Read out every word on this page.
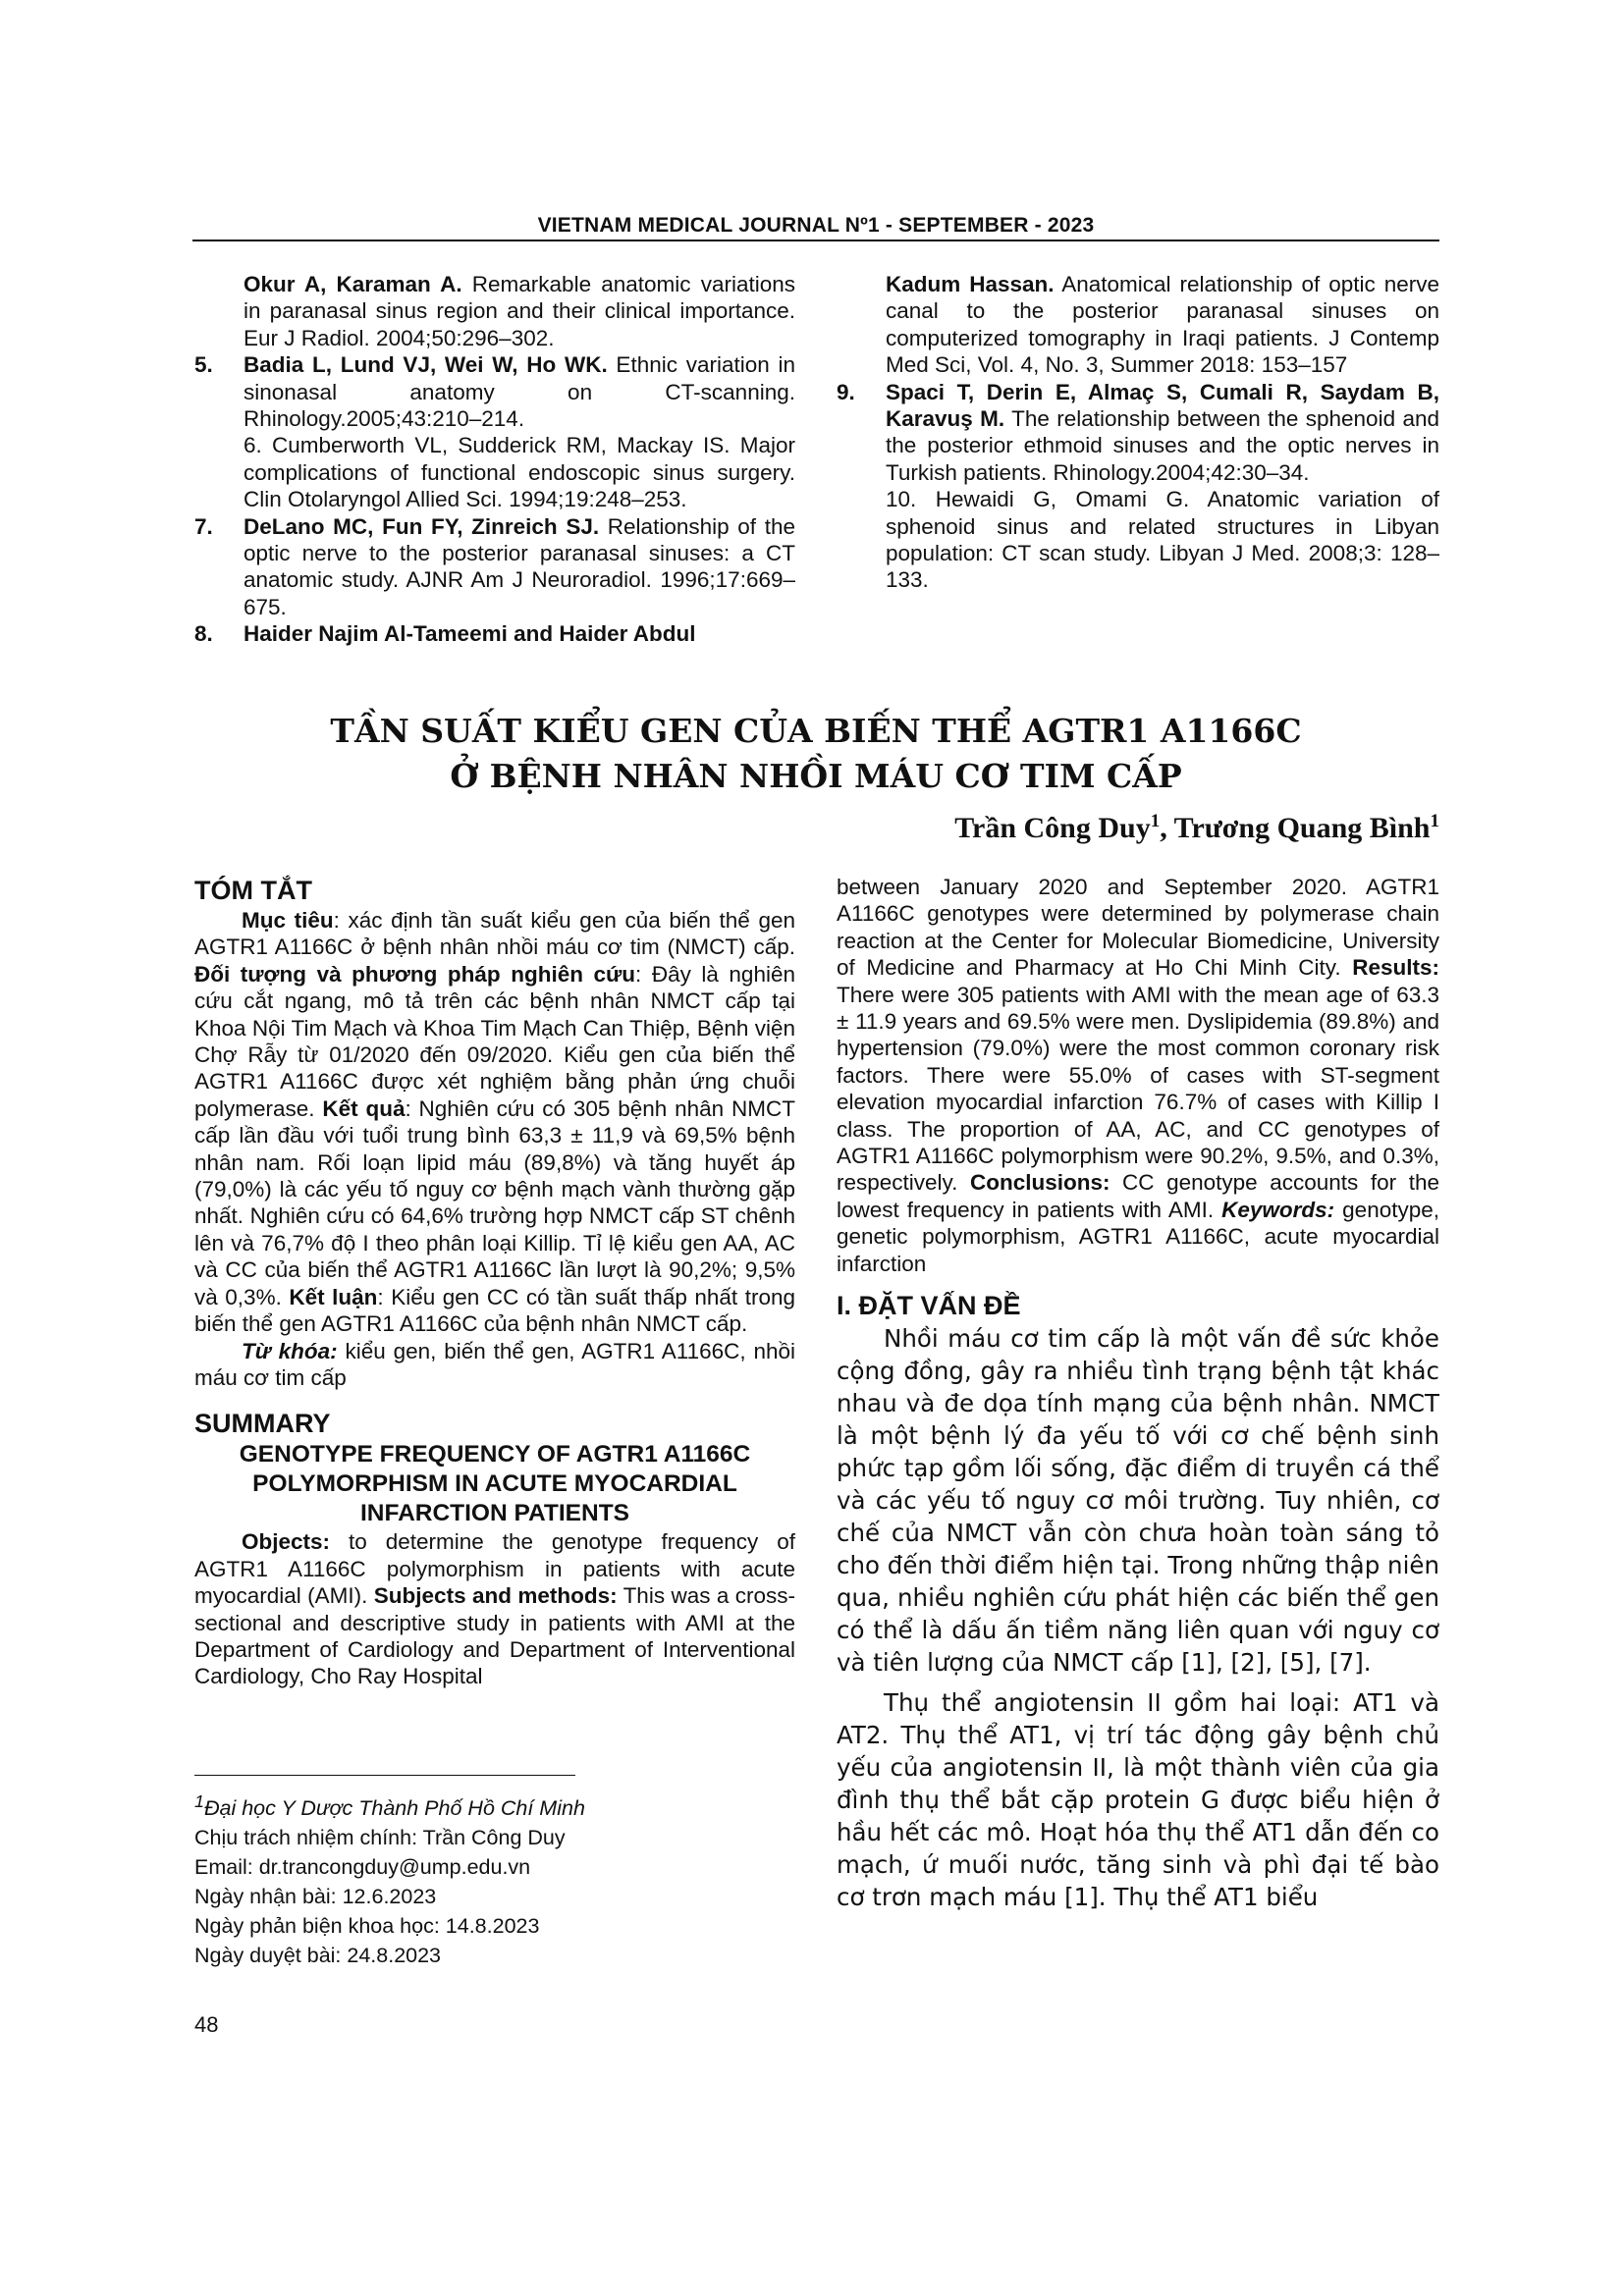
VIETNAM MEDICAL JOURNAL Nº1 - SEPTEMBER - 2023
Okur A, Karaman A. Remarkable anatomic variations in paranasal sinus region and their clinical importance. Eur J Radiol. 2004;50:296–302.
5.	Badia L, Lund VJ, Wei W, Ho WK. Ethnic variation in sinonasal anatomy on CT-scanning. Rhinology.2005;43:210–214.
6. Cumberworth VL, Sudderick RM, Mackay IS. Major complications of functional endoscopic sinus surgery. Clin Otolaryngol Allied Sci. 1994;19:248–253.
7.	DeLano MC, Fun FY, Zinreich SJ. Relationship of the optic nerve to the posterior paranasal sinuses: a CT anatomic study. AJNR Am J Neuroradiol. 1996;17:669–675.
8.	Haider Najim Al-Tameemi and Haider Abdul
Kadum Hassan. Anatomical relationship of optic nerve canal to the posterior paranasal sinuses on computerized tomography in Iraqi patients. J Contemp Med Sci, Vol. 4, No. 3, Summer 2018: 153–157
9.	Spaci T, Derin E, Almaç S, Cumali R, Saydam B, Karavuş M. The relationship between the sphenoid and the posterior ethmoid sinuses and the optic nerves in Turkish patients. Rhinology.2004;42:30–34.
10. Hewaidi G, Omami G. Anatomic variation of sphenoid sinus and related structures in Libyan population: CT scan study. Libyan J Med. 2008;3: 128–133.
TẦN SUẤT KIỂU GEN CỦA BIẾN THỂ AGTR1 A1166C
Ở BỆNH NHÂN NHỒI MÁU CƠ TIM CẤP
Trần Công Duy$^1$, Trương Quang Bình$^1$
TÓM TẮT
Mục tiêu: xác định tần suất kiểu gen của biến thể gen AGTR1 A1166C ở bệnh nhân nhồi máu cơ tim (NMCT) cấp. Đối tượng và phương pháp nghiên cứu: Đây là nghiên cứu cắt ngang, mô tả trên các bệnh nhân NMCT cấp tại Khoa Nội Tim Mạch và Khoa Tim Mạch Can Thiệp, Bệnh viện Chợ Rẫy từ 01/2020 đến 09/2020. Kiểu gen của biến thể AGTR1 A1166C được xét nghiệm bằng phản ứng chuỗi polymerase. Kết quả: Nghiên cứu có 305 bệnh nhân NMCT cấp lần đầu với tuổi trung bình 63,3 ± 11,9 và 69,5% bệnh nhân nam. Rối loạn lipid máu (89,8%) và tăng huyết áp (79,0%) là các yếu tố nguy cơ bệnh mạch vành thường gặp nhất. Nghiên cứu có 64,6% trường hợp NMCT cấp ST chênh lên và 76,7% độ I theo phân loại Killip. Tỉ lệ kiểu gen AA, AC và CC của biến thể AGTR1 A1166C lần lượt là 90,2%; 9,5% và 0,3%. Kết luận: Kiểu gen CC có tần suất thấp nhất trong biến thể gen AGTR1 A1166C của bệnh nhân NMCT cấp.
Từ khóa: kiểu gen, biến thể gen, AGTR1 A1166C, nhồi máu cơ tim cấp
SUMMARY
GENOTYPE FREQUENCY OF AGTR1 A1166C POLYMORPHISM IN ACUTE MYOCARDIAL INFARCTION PATIENTS
Objects: to determine the genotype frequency of AGTR1 A1166C polymorphism in patients with acute myocardial (AMI). Subjects and methods: This was a cross-sectional and descriptive study in patients with AMI at the Department of Cardiology and Department of Interventional Cardiology, Cho Ray Hospital
$^1$Đại học Y Dược Thành Phố Hồ Chí Minh
Chịu trách nhiệm chính: Trần Công Duy
Email: dr.trancongduy@ump.edu.vn
Ngày nhận bài: 12.6.2023
Ngày phản biện khoa học: 14.8.2023
Ngày duyệt bài: 24.8.2023
between January 2020 and September 2020. AGTR1 A1166C genotypes were determined by polymerase chain reaction at the Center for Molecular Biomedicine, University of Medicine and Pharmacy at Ho Chi Minh City. Results: There were 305 patients with AMI with the mean age of 63.3 ± 11.9 years and 69.5% were men. Dyslipidemia (89.8%) and hypertension (79.0%) were the most common coronary risk factors. There were 55.0% of cases with ST-segment elevation myocardial infarction 76.7% of cases with Killip I class. The proportion of AA, AC, and CC genotypes of AGTR1 A1166C polymorphism were 90.2%, 9.5%, and 0.3%, respectively. Conclusions: CC genotype accounts for the lowest frequency in patients with AMI. Keywords: genotype, genetic polymorphism, AGTR1 A1166C, acute myocardial infarction
I. ĐẶT VẤN ĐỀ
Nhồi máu cơ tim cấp là một vấn đề sức khỏe cộng đồng, gây ra nhiều tình trạng bệnh tật khác nhau và đe dọa tính mạng của bệnh nhân. NMCT là một bệnh lý đa yếu tố với cơ chế bệnh sinh phức tạp gồm lối sống, đặc điểm di truyền cá thể và các yếu tố nguy cơ môi trường. Tuy nhiên, cơ chế của NMCT vẫn còn chưa hoàn toàn sáng tỏ cho đến thời điểm hiện tại. Trong những thập niên qua, nhiều nghiên cứu phát hiện các biến thể gen có thể là dấu ấn tiềm năng liên quan với nguy cơ và tiên lượng của NMCT cấp [1], [2], [5], [7].
Thụ thể angiotensin II gồm hai loại: AT1 và AT2. Thụ thể AT1, vị trí tác động gây bệnh chủ yếu của angiotensin II, là một thành viên của gia đình thụ thể bắt cặp protein G được biểu hiện ở hầu hết các mô. Hoạt hóa thụ thể AT1 dẫn đến co mạch, ứ muối nước, tăng sinh và phì đại tế bào cơ trơn mạch máu [1]. Thụ thể AT1 biểu
48
